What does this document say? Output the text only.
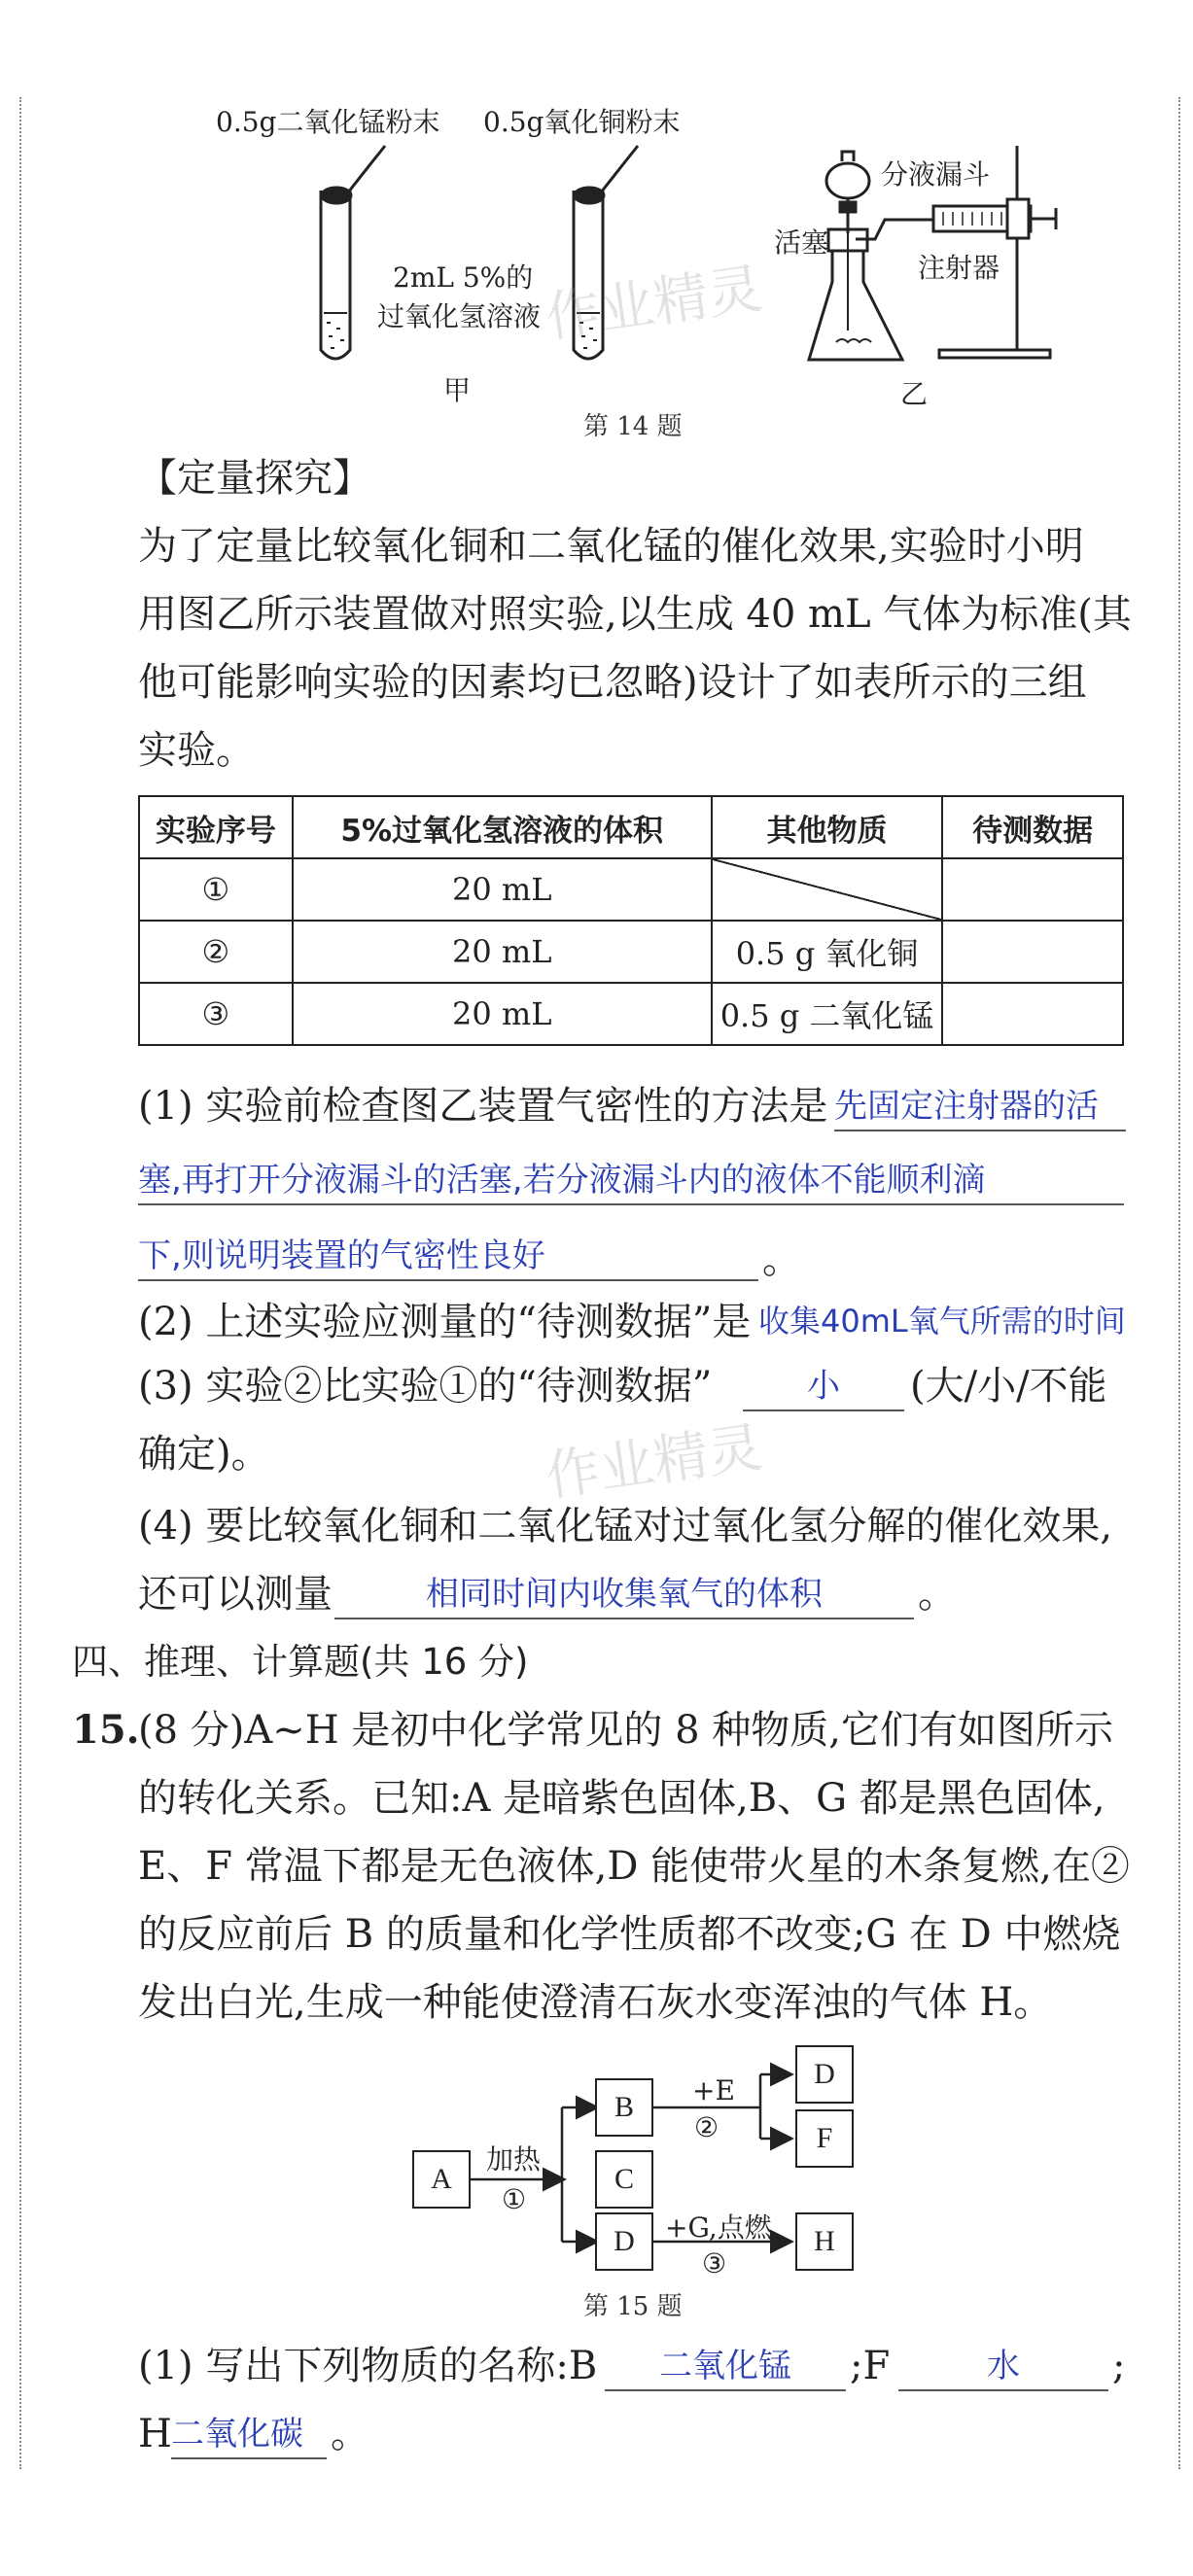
0.5g二氧化锰粉末 0.5g氧化铜粉末
2mL 5%的
过氧化氢溶液
分液漏斗
活塞
注射器
甲	乙
第 14 题
作业精灵
【定量探究】
为了定量比较氧化铜和二氧化锰的催化效果,实验时小明
用图乙所示装置做对照实验,以生成 40 mL 气体为标准(其
他可能影响实验的因素均已忽略)设计了如表所示的三组
实验。
实验序号	5%过氧化氢溶液的体积	其他物质	待测数据
①	20 mL		
②	20 mL	0.5 g 氧化铜	
③	20 mL	0.5 g 二氧化锰	
(1) 实验前检查图乙装置气密性的方法是 先固定注射器的活
塞,再打开分液漏斗的活塞,若分液漏斗内的液体不能顺利滴
下,则说明装置的气密性良好	。
(2) 上述实验应测量的“待测数据”是 收集40mL氧气所需的时间
(3) 实验②比实验①的“待测数据”	小	(大/小/不能
确定)。	作业精灵
(4) 要比较氧化铜和二氧化锰对过氧化氢分解的催化效果,
还可以测量	相同时间内收集氧气的体积	。
四、推理、计算题(共 16 分)
15.
(8 分)A~H 是初中化学常见的 8 种物质,它们有如图所示
的转化关系。已知:A 是暗紫色固体,B、G 都是黑色固体,
E、F 常温下都是无色液体,D 能使带火星的木条复燃,在②
的反应前后 B 的质量和化学性质都不改变;G 在 D 中燃烧
发出白光,生成一种能使澄清石灰水变浑浊的气体 H。
A
B
C
D
D
F
H
加热
①
+E
②
+G,点燃
③
第 15 题
(1) 写出下列物质的名称:B	二氧化锰	;F	水	;
H 二氧化碳 。
